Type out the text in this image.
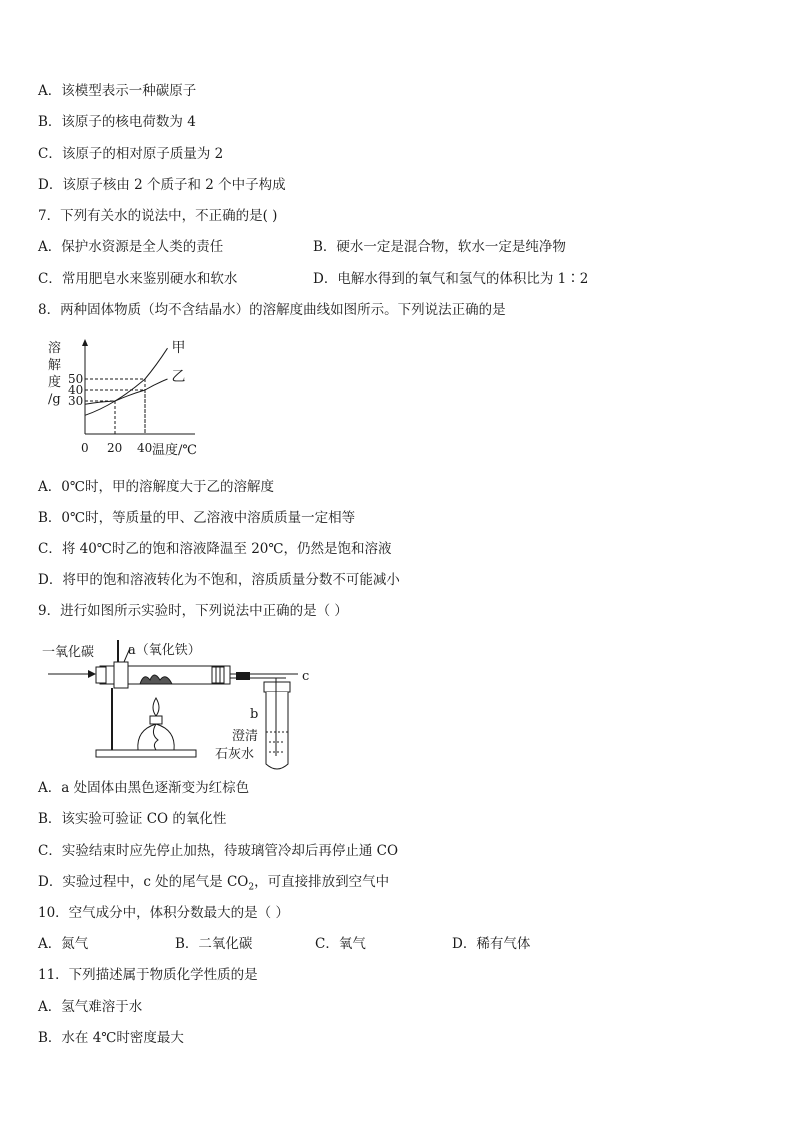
A．该模型表示一种碳原子
B．该原子的核电荷数为 4
C．该原子的相对原子质量为 2
D．该原子核由 2 个质子和 2 个中子构成
7．下列有关水的说法中，不正确的是( )
A．保护水资源是全人类的责任	B．硬水一定是混合物，软水一定是纯净物
C．常用肥皂水来鉴别硬水和软水	D．电解水得到的氧气和氢气的体积比为 1∶2
8．两种固体物质（均不含结晶水）的溶解度曲线如图所示。下列说法正确的是
溶
解
度
/g
甲
乙
0 20 40
30
40
50
温度/℃
A．0℃时，甲的溶解度大于乙的溶解度
B．0℃时，等质量的甲、乙溶液中溶质质量一定相等
C．将 40℃时乙的饱和溶液降温至 20℃，仍然是饱和溶液
D．将甲的饱和溶液转化为不饱和，溶质质量分数不可能减小
9．进行如图所示实验时，下列说法中正确的是（ ）
一氧化碳	a（氧化铁）
c
b
澄清
石灰水
A．a 处固体由黑色逐渐变为红棕色
B．该实验可验证 CO 的氧化性
C．实验结束时应先停止加热，待玻璃管冷却后再停止通 CO
D．实验过程中，c 处的尾气是 $CO_2$，可直接排放到空气中
10．空气成分中，体积分数最大的是（ ）
A．氮气	B．二氧化碳	C．氧气	D．稀有气体
11．下列描述属于物质化学性质的是
A．氢气难溶于水
B．水在 4℃时密度最大
